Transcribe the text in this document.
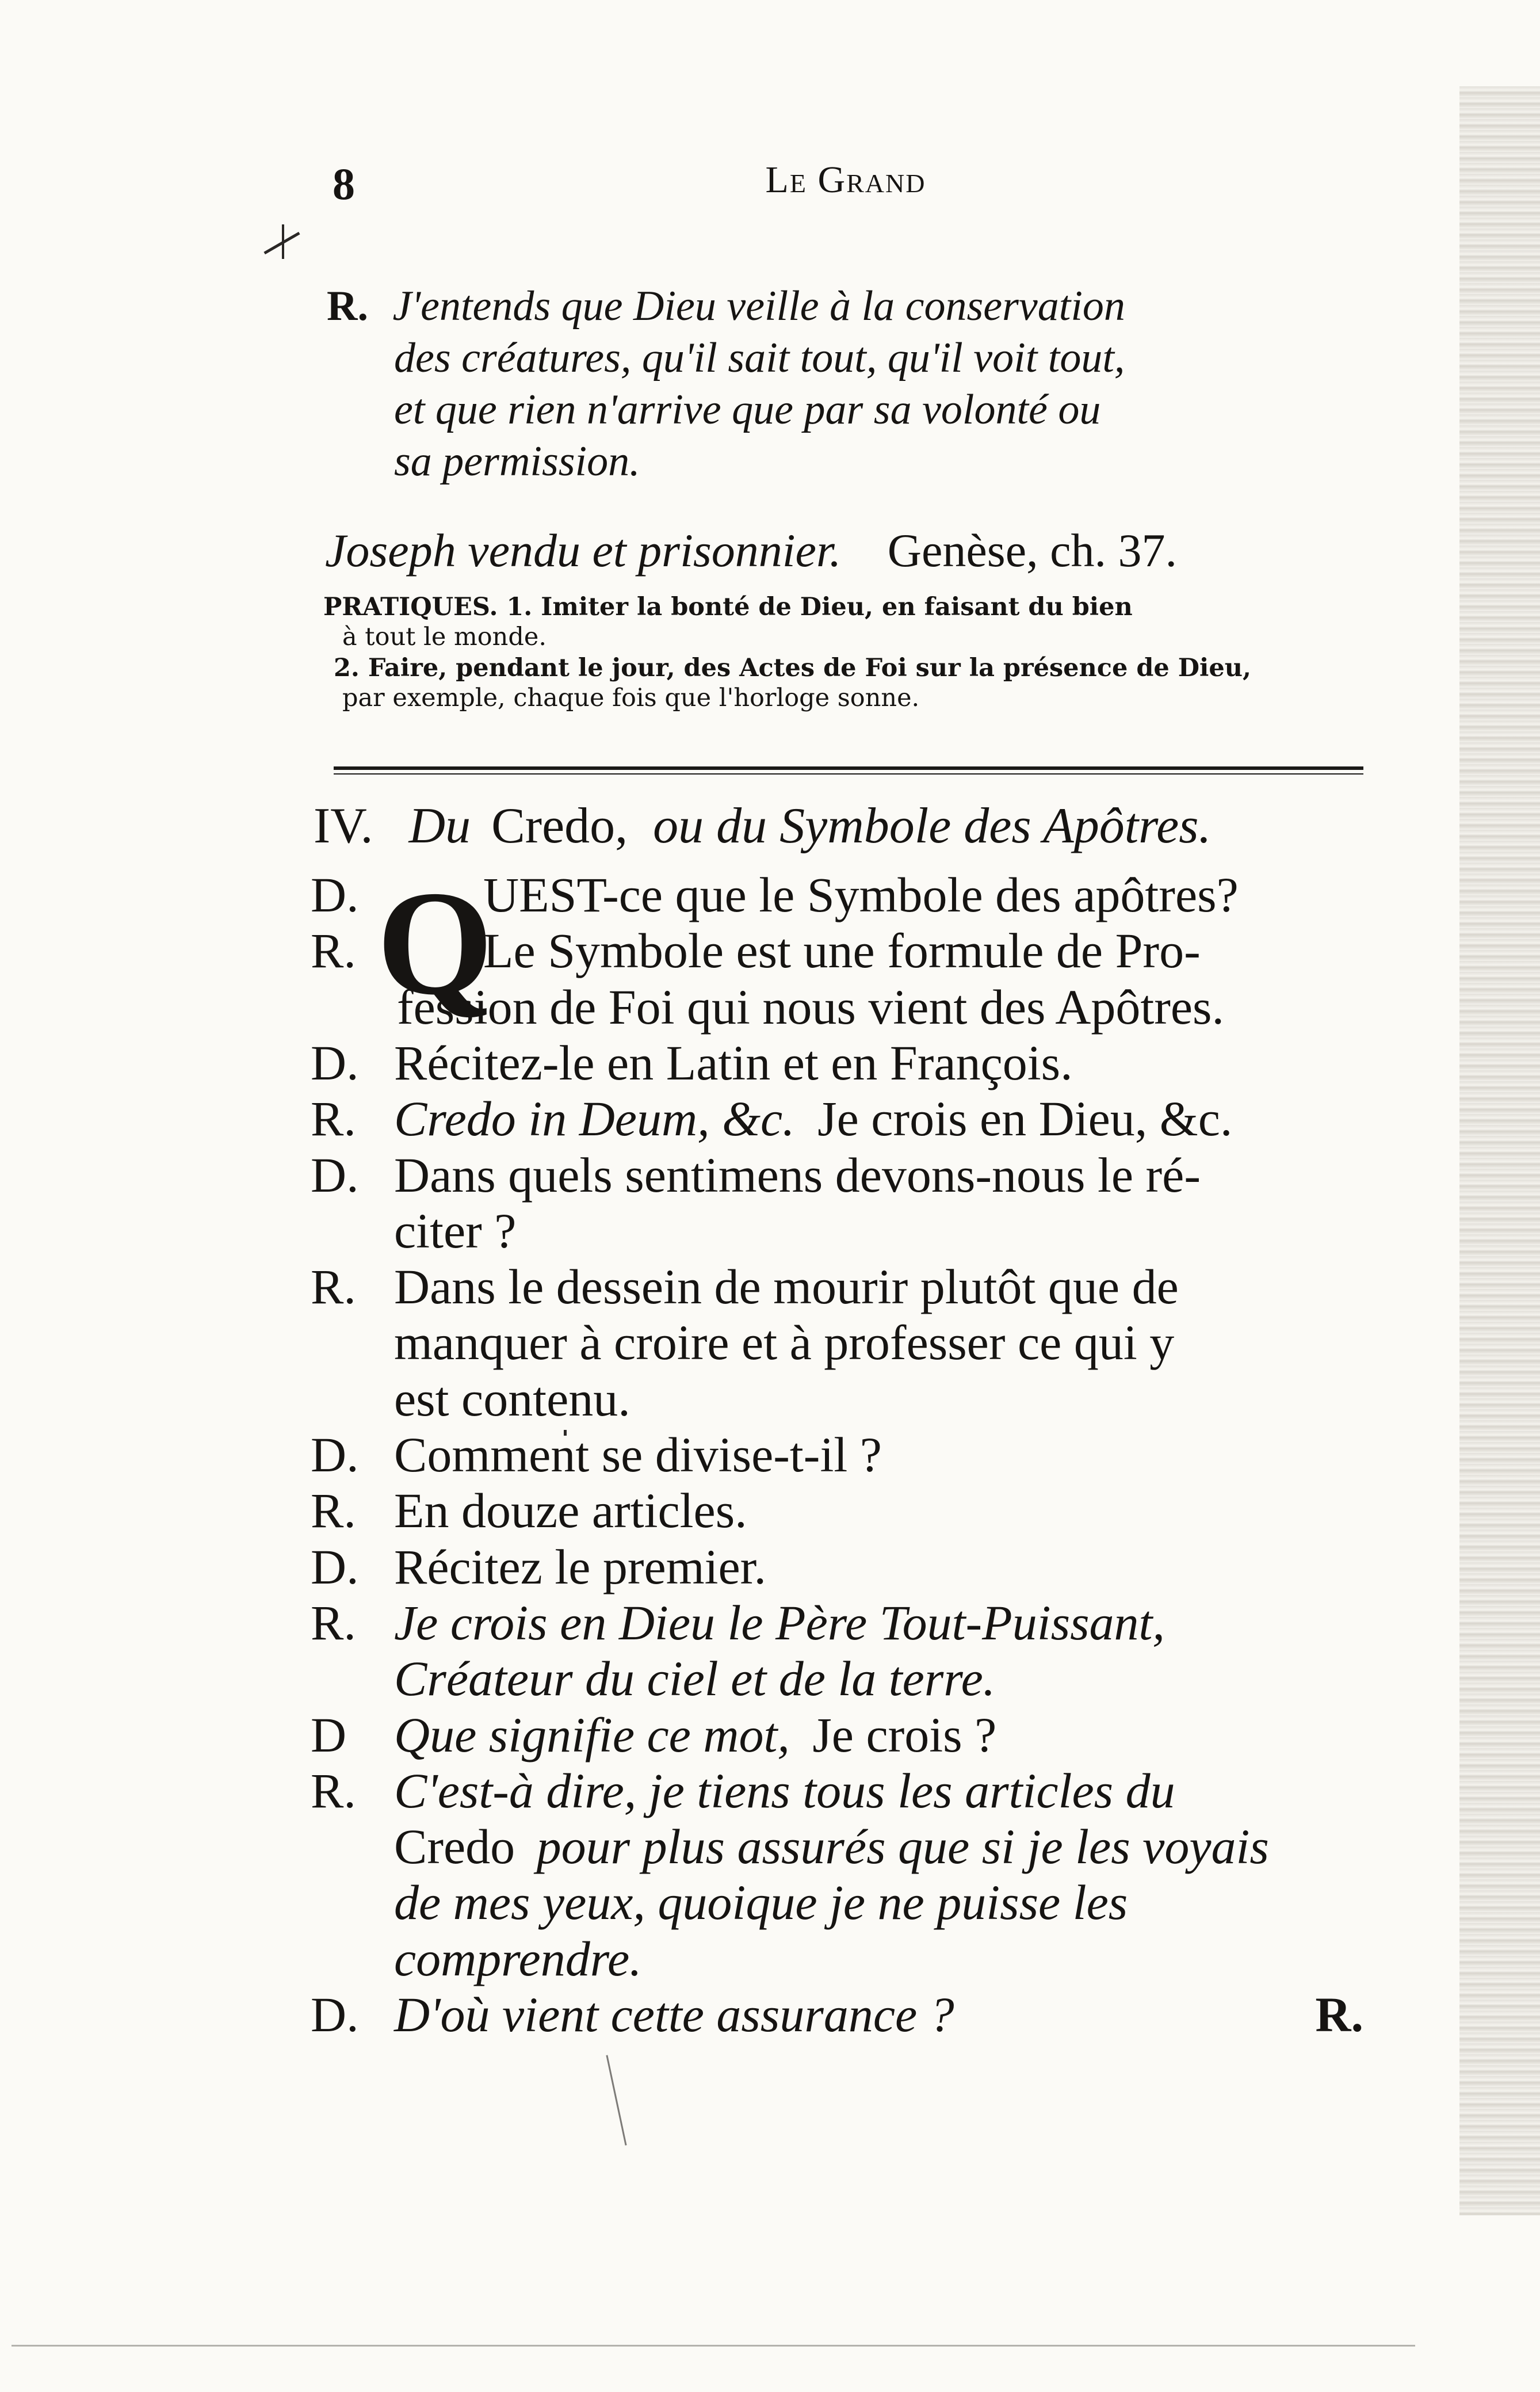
8	Le Grand
R. J'entends que Dieu veille à la conservation
des créatures, qu'il sait tout, qu'il voit tout,
et que rien n'arrive que par sa volonté ou
sa permission.
Joseph vendu et prisonnier. Genèse, ch. 37.
PRATIQUES. 1. Imiter la bonté de Dieu, en faisant du bien
à tout le monde.
2. Faire, pendant le jour, des Actes de Foi sur la présence de Dieu,
par exemple, chaque fois que l'horloge sonne.
IV. Du Credo, ou du Symbole des Apôtres.
Q
D.	UEST-ce que le Symbole des apôtres?
R.	Le Symbole est une formule de Pro-
fession de Foi qui nous vient des Apôtres.
D. Récitez-le en Latin et en François.
R. Credo in Deum, &c. Je crois en Dieu, &c.
D. Dans quels sentimens devons-nous le ré-
citer ?
R. Dans le dessein de mourir plutôt que de
manquer à croire et à professer ce qui y
est contenu.
D. Comment se divise-t-il ?
R. En douze articles.
D. Récitez le premier.
R. Je crois en Dieu le Père Tout-Puissant,
Créateur du ciel et de la terre.
D Que signifie ce mot, Je crois ?
R. C'est-à dire, je tiens tous les articles du
Credo pour plus assurés que si je les voyais
de mes yeux, quoique je ne puisse les
comprendre.
D. D'où vient cette assurance ?	R.
